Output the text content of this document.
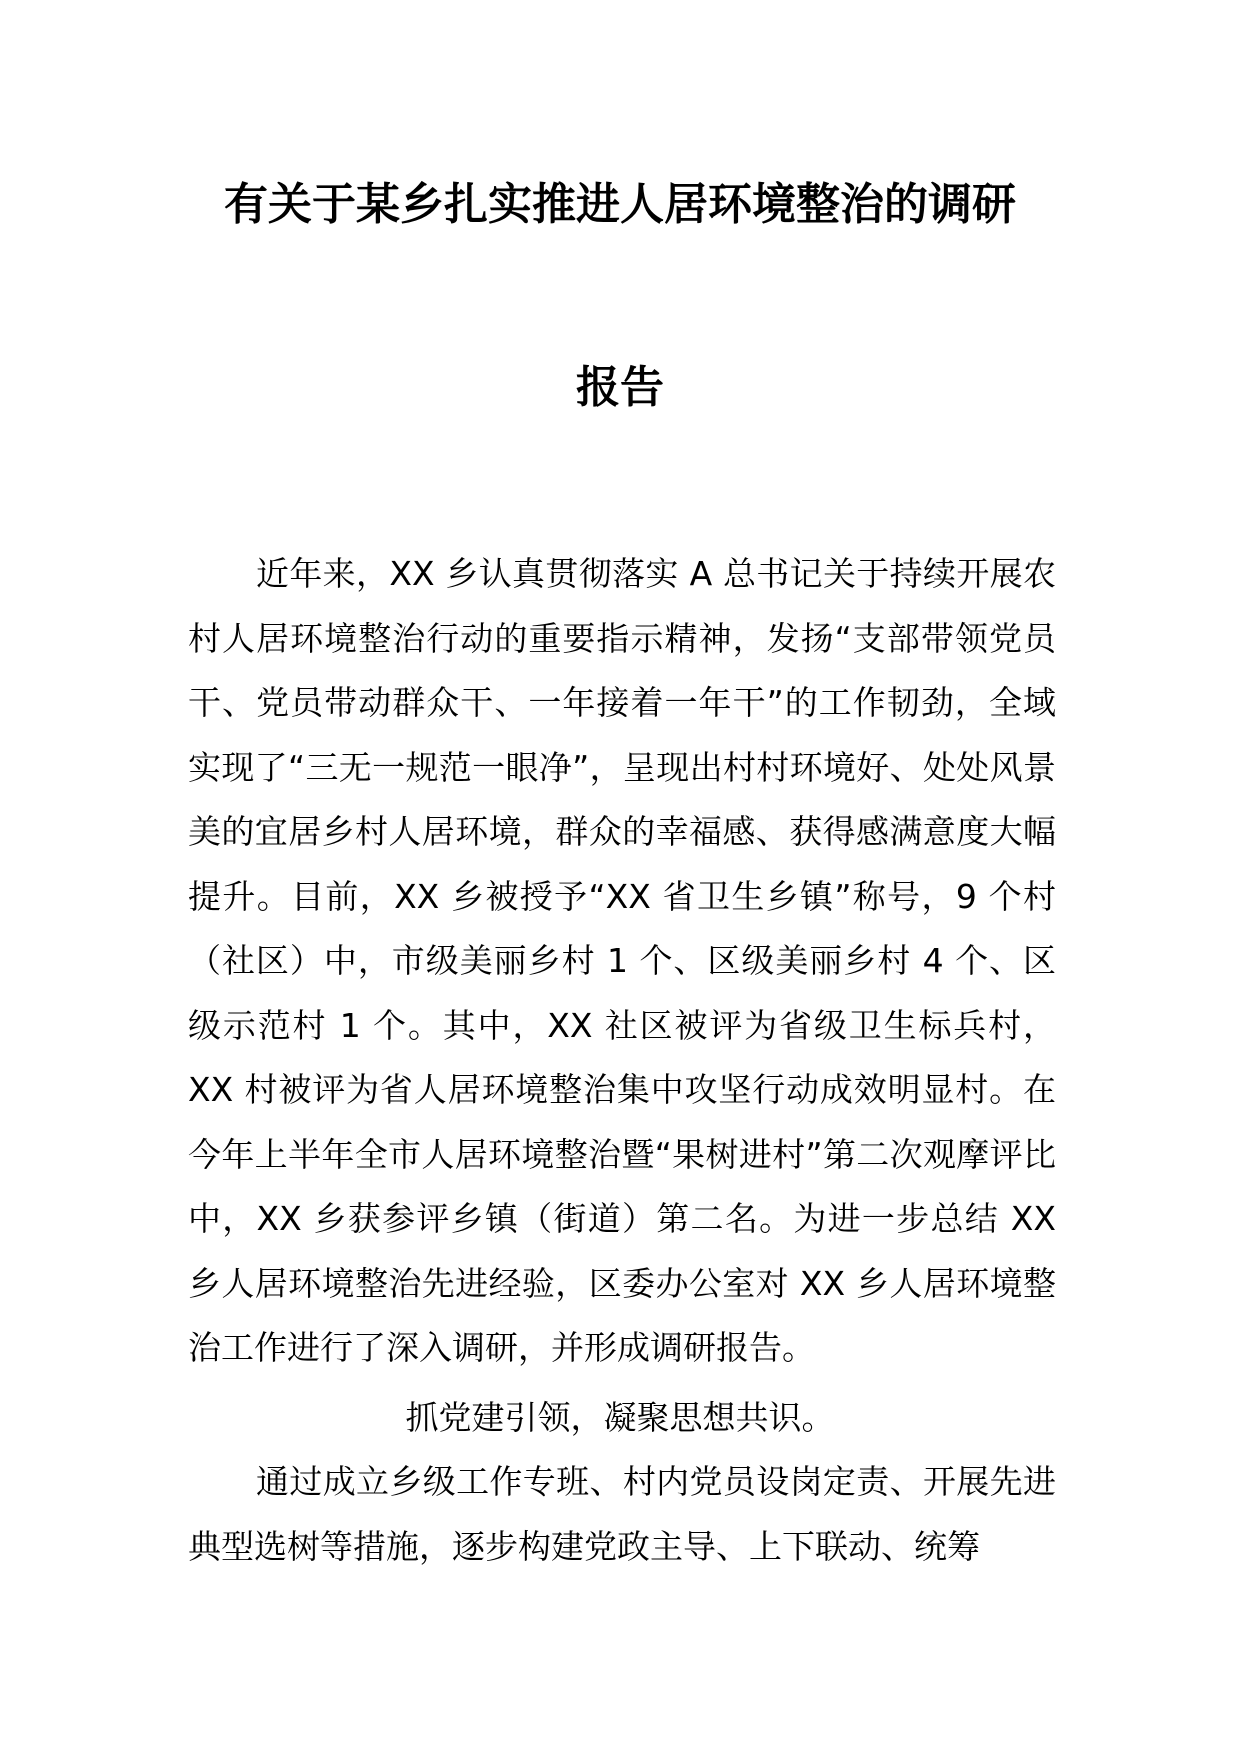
有关于某乡扎实推进人居环境整治的调研
报告

近年来，XX 乡认真贯彻落实 A 总书记关于持续开展农村人居环境整治行动的重要指示精神，发扬“支部带领党员干、党员带动群众干、一年接着一年干”的工作韧劲，全域实现了“三无一规范一眼净”，呈现出村村环境好、处处风景美的宜居乡村人居环境，群众的幸福感、获得感满意度大幅提升。目前，XX 乡被授予“XX 省卫生乡镇”称号，9 个村（社区）中，市级美丽乡村 1 个、区级美丽乡村 4 个、区级示范村 1 个。其中，XX 社区被评为省级卫生标兵村，XX 村被评为省人居环境整治集中攻坚行动成效明显村。在今年上半年全市人居环境整治暨“果树进村”第二次观摩评比中，XX 乡获参评乡镇（街道）第二名。为进一步总结 XX 乡人居环境整治先进经验，区委办公室对 XX 乡人居环境整治工作进行了深入调研，并形成调研报告。

抓党建引领，凝聚思想共识。

通过成立乡级工作专班、村内党员设岗定责、开展先进典型选树等措施，逐步构建党政主导、上下联动、统筹
